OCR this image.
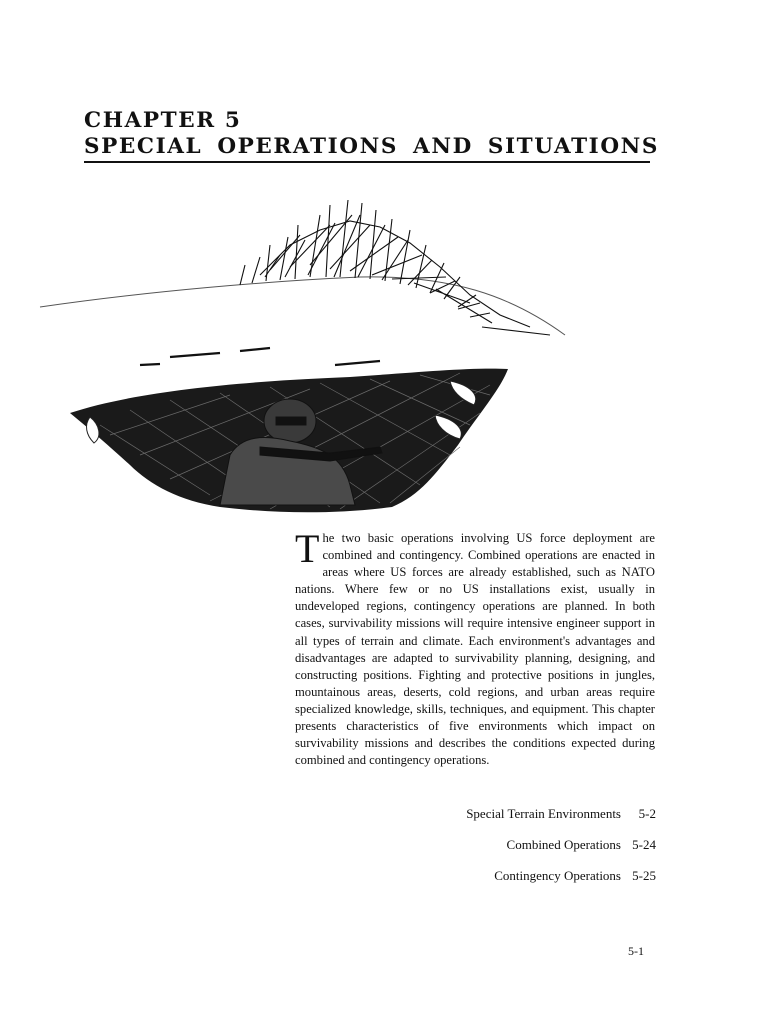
CHAPTER 5
SPECIAL OPERATIONS AND SITUATIONS
The two basic operations involving US force deployment are combined and contingency. Combined operations are enacted in areas where US forces are already established, such as NATO nations. Where few or no US installations exist, usually in undeveloped regions, contingency operations are planned. In both cases, survivability missions will require intensive engineer support in all types of terrain and climate. Each environment's advantages and disadvantages are adapted to survivability planning, designing, and constructing positions. Fighting and protective positions in jungles, mountainous areas, deserts, cold regions, and urban areas require specialized knowledge, skills, techniques, and equipment. This chapter presents characteristics of five environments which impact on survivability missions and describes the conditions expected during combined and contingency operations.
Special Terrain Environments	5-2
Combined Operations 5-24
Contingency Operations 5-25
5-1
